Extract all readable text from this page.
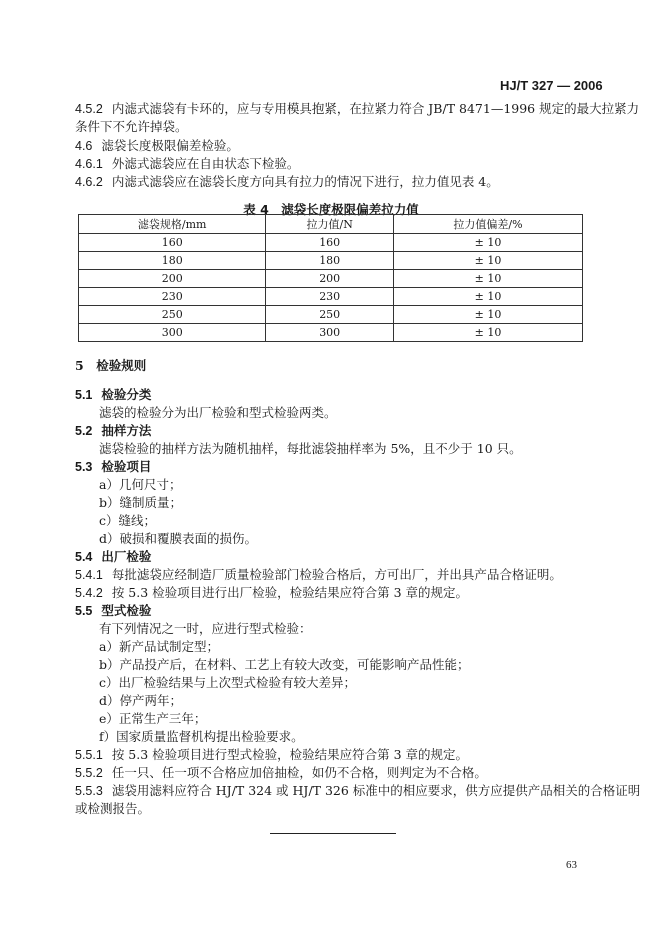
HJ/T 327 — 2006
4.5.2 内滤式滤袋有卡环的，应与专用模具抱紧，在拉紧力符合 JB/T 8471—1996 规定的最大拉紧力
条件下不允许掉袋。
4.6 滤袋长度极限偏差检验。
4.6.1 外滤式滤袋应在自由状态下检验。
4.6.2 内滤式滤袋应在滤袋长度方向具有拉力的情况下进行，拉力值见表 4。
表 4　滤袋长度极限偏差拉力值
滤袋规格/mm	拉力值/N	拉力值偏差/%
160	160	± 10
180	180	± 10
200	200	± 10
230	230	± 10
250	250	± 10
300	300	± 10
5　检验规则
5.1 检验分类
滤袋的检验分为出厂检验和型式检验两类。
5.2 抽样方法
滤袋检验的抽样方法为随机抽样，每批滤袋抽样率为 5%，且不少于 10 只。
5.3 检验项目
a）几何尺寸；
b）缝制质量；
c）缝线；
d）破损和覆膜表面的损伤。
5.4 出厂检验
5.4.1 每批滤袋应经制造厂质量检验部门检验合格后，方可出厂，并出具产品合格证明。
5.4.2 按 5.3 检验项目进行出厂检验，检验结果应符合第 3 章的规定。
5.5 型式检验
有下列情况之一时，应进行型式检验：
a）新产品试制定型；
b）产品投产后，在材料、工艺上有较大改变，可能影响产品性能；
c）出厂检验结果与上次型式检验有较大差异；
d）停产两年；
e）正常生产三年；
f）国家质量监督机构提出检验要求。
5.5.1 按 5.3 检验项目进行型式检验，检验结果应符合第 3 章的规定。
5.5.2 任一只、任一项不合格应加倍抽检，如仍不合格，则判定为不合格。
5.5.3 滤袋用滤料应符合 HJ/T 324 或 HJ/T 326 标准中的相应要求，供方应提供产品相关的合格证明
或检测报告。
63
